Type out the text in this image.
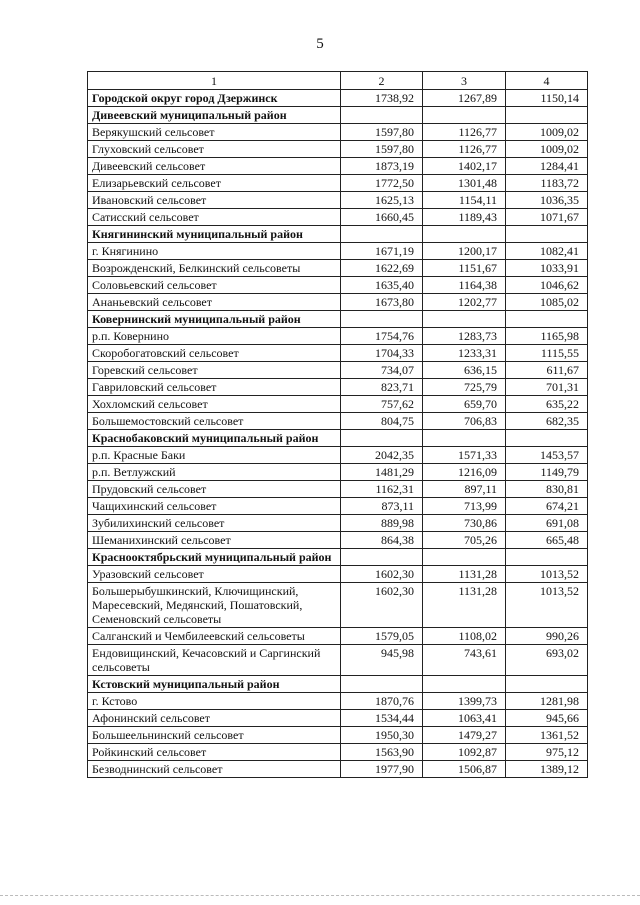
5
1	2	3	4
Городской округ город Дзержинск	1738,92	1267,89	1150,14
Дивеевский муниципальный район			
Верякушский сельсовет	1597,80	1126,77	1009,02
Глуховский сельсовет	1597,80	1126,77	1009,02
Дивеевский сельсовет	1873,19	1402,17	1284,41
Елизарьевский сельсовет	1772,50	1301,48	1183,72
Ивановский сельсовет	1625,13	1154,11	1036,35
Сатисский сельсовет	1660,45	1189,43	1071,67
Княгининский муниципальный район			
г. Княгинино	1671,19	1200,17	1082,41
Возрожденский, Белкинский сельсоветы	1622,69	1151,67	1033,91
Соловьевский сельсовет	1635,40	1164,38	1046,62
Ананьевский сельсовет	1673,80	1202,77	1085,02
Ковернинский муниципальный район			
р.п. Ковернино	1754,76	1283,73	1165,98
Скоробогатовский сельсовет	1704,33	1233,31	1115,55
Горевский сельсовет	734,07	636,15	611,67
Гавриловский сельсовет	823,71	725,79	701,31
Хохломский сельсовет	757,62	659,70	635,22
Большемостовский сельсовет	804,75	706,83	682,35
Краснобаковский муниципальный район			
р.п. Красные Баки	2042,35	1571,33	1453,57
р.п. Ветлужский	1481,29	1216,09	1149,79
Прудовский сельсовет	1162,31	897,11	830,81
Чащихинский сельсовет	873,11	713,99	674,21
Зубилихинский сельсовет	889,98	730,86	691,08
Шеманихинский сельсовет	864,38	705,26	665,48
Краснооктябрьский муниципальный район			
Уразовский сельсовет	1602,30	1131,28	1013,52
Большерыбушкинский, Ключищинский, Маресевский, Медянский, Пошатовский, Семеновский сельсоветы	1602,30	1131,28	1013,52
Салганский и Чембилеевский сельсоветы	1579,05	1108,02	990,26
Ендовищинский, Кечасовский и Саргинский сельсоветы	945,98	743,61	693,02
Кстовский муниципальный район			
г. Кстово	1870,76	1399,73	1281,98
Афонинский сельсовет	1534,44	1063,41	945,66
Большеельнинский сельсовет	1950,30	1479,27	1361,52
Ройкинский сельсовет	1563,90	1092,87	975,12
Безводнинский сельсовет	1977,90	1506,87	1389,12
